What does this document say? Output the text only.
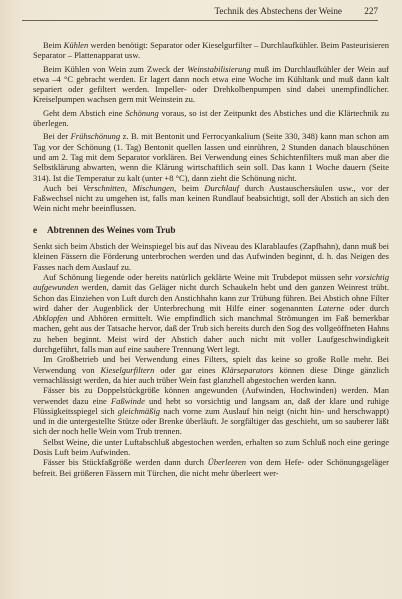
Technik des Abstechens der Weine 227

Beim Kühlen werden benötigt: Separator oder Kieselgurfilter – Durchlaufkühler. Beim Pasteurisieren Separator – Plattenapparat usw.

Beim Kühlen von Wein zum Zweck der Weinstabilisierung muß im Durchlaufkühler der Wein auf etwa –4 °C gebracht werden. Er lagert dann noch etwa eine Woche im Kühltank und muß dann kalt separiert oder gefiltert werden. Impeller- oder Drehkolbenpumpen sind dabei unempfindlicher. Kreiselpumpen wachsen gern mit Weinstein zu.

Geht dem Abstich eine Schönung voraus, so ist der Zeitpunkt des Abstiches und die Klärtechnik zu überlegen.

Bei der Frühschönung z. B. mit Bentonit und Ferrocyankalium (Seite 330, 348) kann man schon am Tag vor der Schönung (1. Tag) Bentonit quellen lassen und einrühren, 2 Stunden danach blauschönen und am 2. Tag mit dem Separator vorklären. Bei Verwendung eines Schichtenfilters muß man aber die Selbstklärung abwarten, wenn die Klärung wirtschaftlich sein soll. Das kann 1 Woche dauern (Seite 314). Ist die Temperatur zu kalt (unter +8 °C), dann zieht die Schönung nicht.

Auch bei Verschnitten, Mischungen, beim Durchlauf durch Austauschersäulen usw., vor der Faßwechsel nicht zu umgehen ist, falls man keinen Rundlauf beabsichtigt, soll der Abstich an sich den Wein nicht mehr beeinflussen.

e Abtrennen des Weines vom Trub

Senkt sich beim Abstich der Weinspiegel bis auf das Niveau des Klarablaufes (Zapfhahn), dann muß bei kleinen Fässern die Förderung unterbrochen werden und das Aufwinden beginnt, d. h. das Neigen des Fasses nach dem Auslauf zu.

Auf Schönung liegende oder bereits natürlich geklärte Weine mit Trubdepot müssen sehr vorsichtig aufgewunden werden, damit das Geläger nicht durch Schaukeln hebt und den ganzen Weinrest trübt. Schon das Einziehen von Luft durch den Anstichhahn kann zur Trübung führen. Bei Abstich ohne Filter wird daher der Augenblick der Unterbrechung mit Hilfe einer sogenannten Laterne oder durch Abklopfen und Abhören ermittelt. Wie empfindlich sich manchmal Strömungen im Faß bemerkbar machen, geht aus der Tatsache hervor, daß der Trub sich bereits durch den Sog des vollgeöffneten Hahns zu heben beginnt. Meist wird der Abstich daher auch nicht mit voller Laufgeschwindigkeit durchgeführt, falls man auf eine saubere Trennung Wert legt.

Im Großbetrieb und bei Verwendung eines Filters, spielt das keine so große Rolle mehr. Bei Verwendung von Kieselgurfiltern oder gar eines Klärseparators können diese Dinge gänzlich vernachlässigt werden, da hier auch trüber Wein fast glanzhell abgestochen werden kann.

Fässer bis zu Doppelstückgröße können angewunden (Aufwinden, Hochwinden) werden. Man verwendet dazu eine Faßwinde und hebt so vorsichtig und langsam an, daß der klare und ruhige Flüssigkeitsspiegel sich gleichmäßig nach vorne zum Auslauf hin neigt (nicht hin- und herschwappt) und in die untergestellte Stütze oder Brenke überläuft. Je sorgfältiger das geschieht, um so sauberer läßt sich der noch helle Wein vom Trub trennen.

Selbst Weine, die unter Luftabschluß abgestochen werden, erhalten so zum Schluß noch eine geringe Dosis Luft beim Aufwinden.

Fässer bis Stückfaßgröße werden dann durch Überleeren von dem Hefe- oder Schönungsgeläger befreit. Bei größeren Fässern mit Türchen, die nicht mehr überleert wer-
